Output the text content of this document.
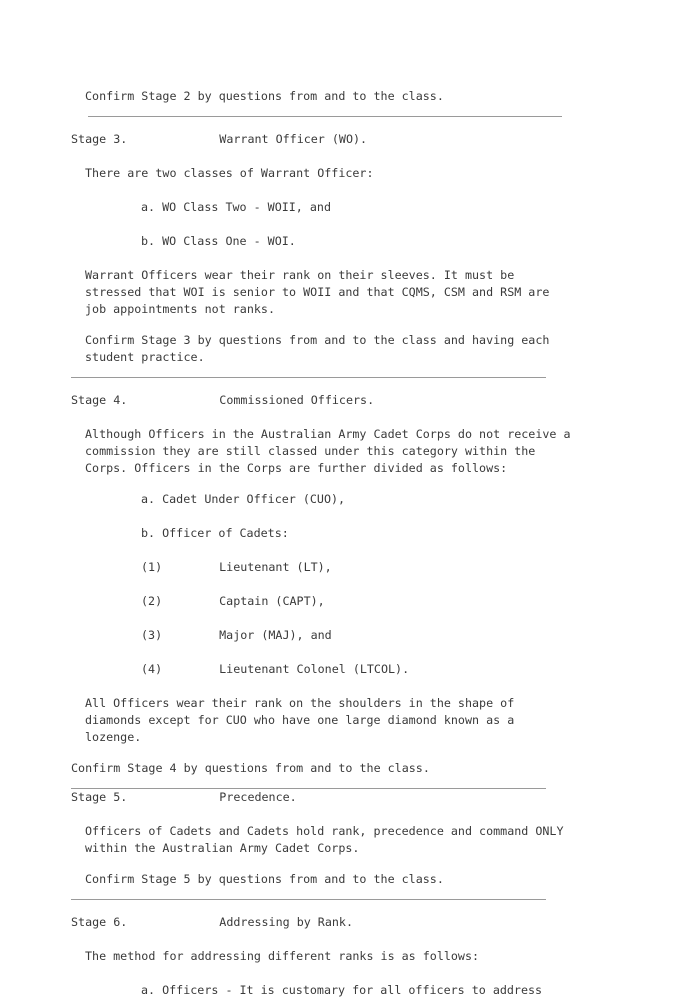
Confirm Stage 2 by questions from and to the class.

Stage 3.	Warrant Officer (WO).

There are two classes of Warrant Officer:

a. WO Class Two - WOII, and

b. WO Class One - WOI.

Warrant Officers wear their rank on their sleeves. It must be stressed that WOI is senior to WOII and that CQMS, CSM and RSM are job appointments not ranks.

Confirm Stage 3 by questions from and to the class and having each student practice.

Stage 4.	Commissioned Officers.

Although Officers in the Australian Army Cadet Corps do not receive a commission they are still classed under this category within the Corps. Officers in the Corps are further divided as follows:

a. Cadet Under Officer (CUO),

b. Officer of Cadets:

(1)	Lieutenant (LT),

(2)	Captain (CAPT),

(3)	Major (MAJ), and

(4)	Lieutenant Colonel (LTCOL).

All Officers wear their rank on the shoulders in the shape of diamonds except for CUO who have one large diamond known as a lozenge.

Confirm Stage 4 by questions from and to the class.

Stage 5.	Precedence.

Officers of Cadets and Cadets hold rank, precedence and command ONLY within the Australian Army Cadet Corps.

Confirm Stage 5 by questions from and to the class.

Stage 6.	Addressing by Rank.

The method for addressing different ranks is as follows:

a. Officers - It is customary for all officers to address
